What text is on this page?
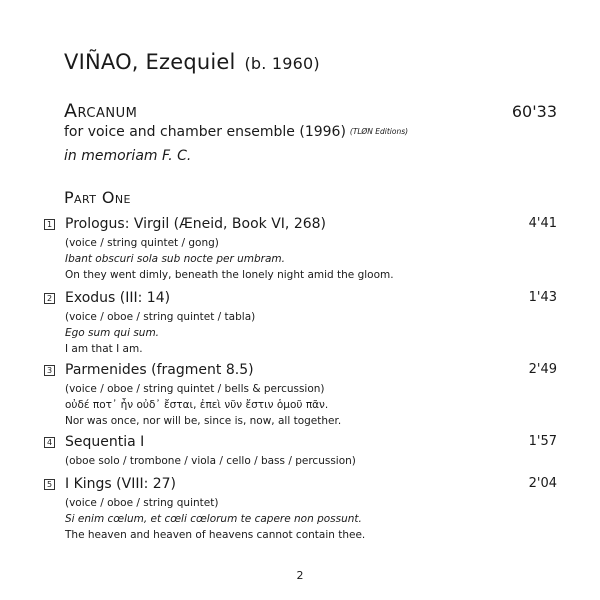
VIÑAO, Ezequiel (b. 1960)
Arcanum	60'33
for voice and chamber ensemble (1996) (TLØN Editions)
in memoriam F. C.
Part One
1 Prologus: Virgil (Æneid, Book VI, 268)	4'41
(voice / string quintet / gong)
Ibant obscuri sola sub nocte per umbram.
On they went dimly, beneath the lonely night amid the gloom.
2 Exodus (III: 14)	1'43
(voice / oboe / string quintet / tabla)
Ego sum qui sum.
I am that I am.
3 Parmenides (fragment 8.5)	2'49
(voice / oboe / string quintet / bells & percussion)
οὐδέ ποτ᾽ ἦν οὐδ᾽ ἔσται, ἐπεὶ νῦν ἔστιν ὁμοῦ πᾶν.
Nor was once, nor will be, since is, now, all together.
4 Sequentia I	1'57
(oboe solo / trombone / viola / cello / bass / percussion)
5 I Kings (VIII: 27)	2'04
(voice / oboe / string quintet)
Si enim cœlum, et cœli cœlorum te capere non possunt.
The heaven and heaven of heavens cannot contain thee.
2
